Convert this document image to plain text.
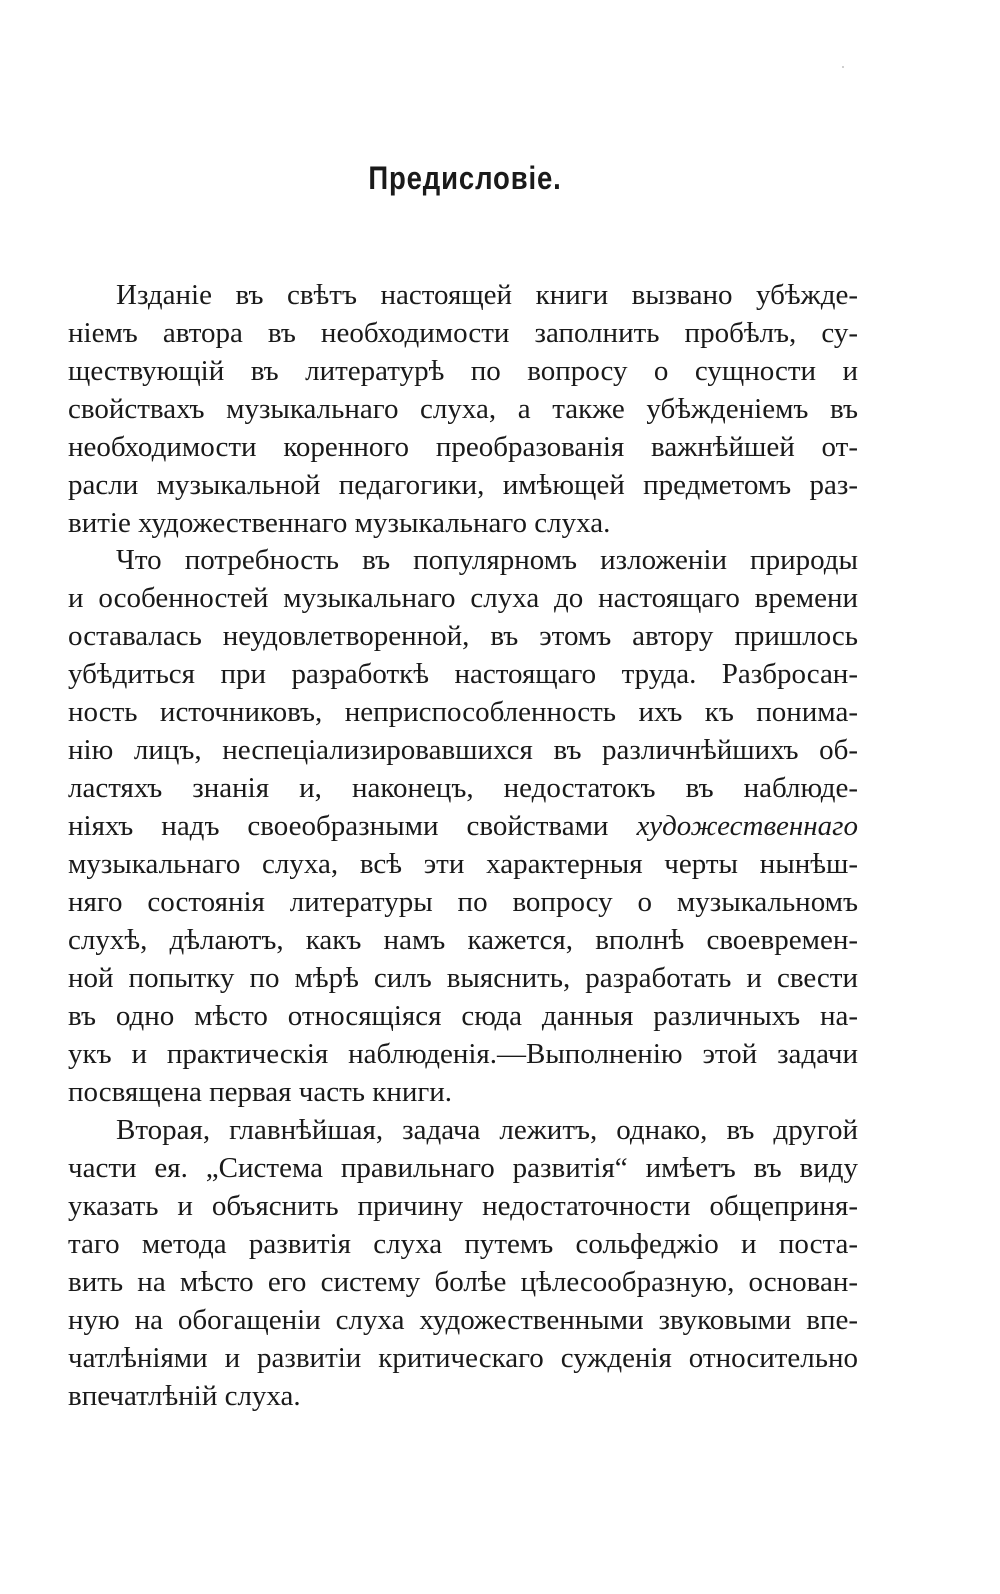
Предисловіе.
Изданіе въ свѣтъ настоящей книги вызвано убѣжде-
ніемъ автора въ необходимости заполнить пробѣлъ, су-
ществующій въ литературѣ по вопросу о сущности и
свойствахъ музыкальнаго слуха, а также убѣжденіемъ въ
необходимости коренного преобразованія важнѣйшей от-
расли музыкальной педагогики, имѣющей предметомъ раз-
витіе художественнаго музыкальнаго слуха.
Что потребность въ популярномъ изложеніи природы
и особенностей музыкальнаго слуха до настоящаго времени
оставалась неудовлетворенной, въ этомъ автору пришлось
убѣдиться при разработкѣ настоящаго труда. Разбросан-
ность источниковъ, неприспособленность ихъ къ понима-
нію лицъ, неспеціализировавшихся въ различнѣйшихъ об-
ластяхъ знанія и, наконецъ, недостатокъ въ наблюде-
ніяхъ надъ своеобразными свойствами художественнаго
музыкальнаго слуха, всѣ эти характерныя черты нынѣш-
няго состоянія литературы по вопросу о музыкальномъ
слухѣ, дѣлаютъ, какъ намъ кажется, вполнѣ своевремен-
ной попытку по мѣрѣ силъ выяснить, разработать и свести
въ одно мѣсто относящіяся сюда данныя различныхъ на-
укъ и практическія наблюденія.—Выполненію этой задачи
посвящена первая часть книги.
Вторая, главнѣйшая, задача лежитъ, однако, въ другой
части ея. „Система правильнаго развитія“ имѣетъ въ виду
указать и объяснить причину недостаточности общеприня-
таго метода развитія слуха путемъ сольфеджіо и поста-
вить на мѣсто его систему болѣе цѣлесообразную, основан-
ную на обогащеніи слуха художественными звуковыми впе-
чатлѣніями и развитіи критическаго сужденія относительно
впечатлѣній слуха.
